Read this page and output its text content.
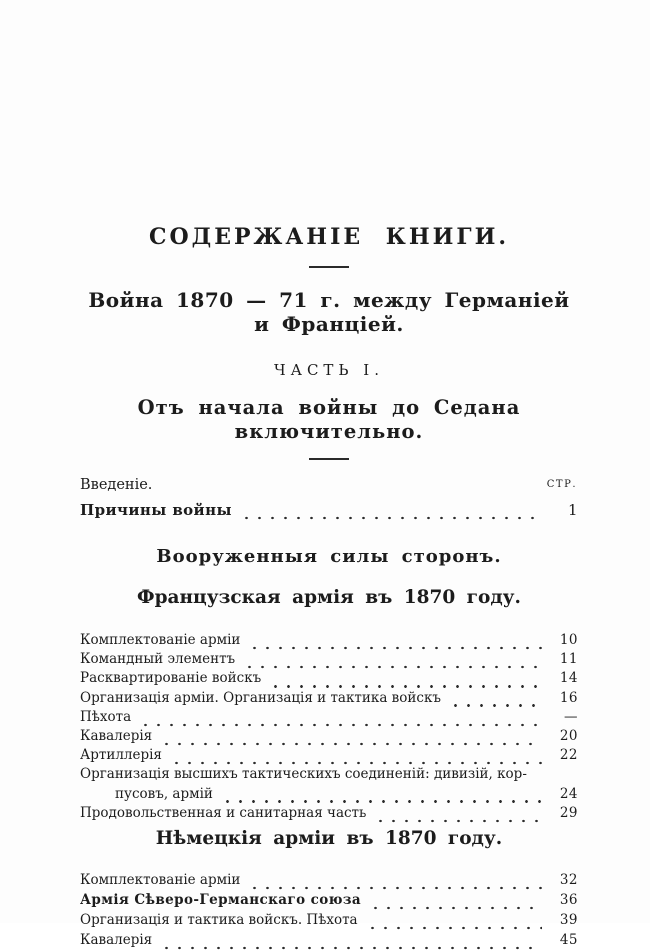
СОДЕРЖАНІЕ КНИГИ.
Война 1870 — 71 г. между Германіей и Франціей.
ЧАСТЬ I.
Отъ начала войны до Седана включительно.
Введеніе.	СТР.
Причины войны	1
Вооруженныя силы сторонъ.
Французская армія въ 1870 году.
Комплектованіе арміи	10
Командный элементъ	11
Расквартированіе войскъ	14
Организація арміи. Организація и тактика войскъ	16
Пѣхота	—
Кавалерія	20
Артиллерія	22
Организація высшихъ тактическихъ соединеній: дивизій, кор-
пусовъ, армій	24
Продовольственная и санитарная часть	29
Нѣмецкія арміи въ 1870 году.
Комплектованіе арміи	32
Армія Сѣверо-Германскаго союза	36
Организація и тактика войскъ. Пѣхота	39
Кавалерія	45
